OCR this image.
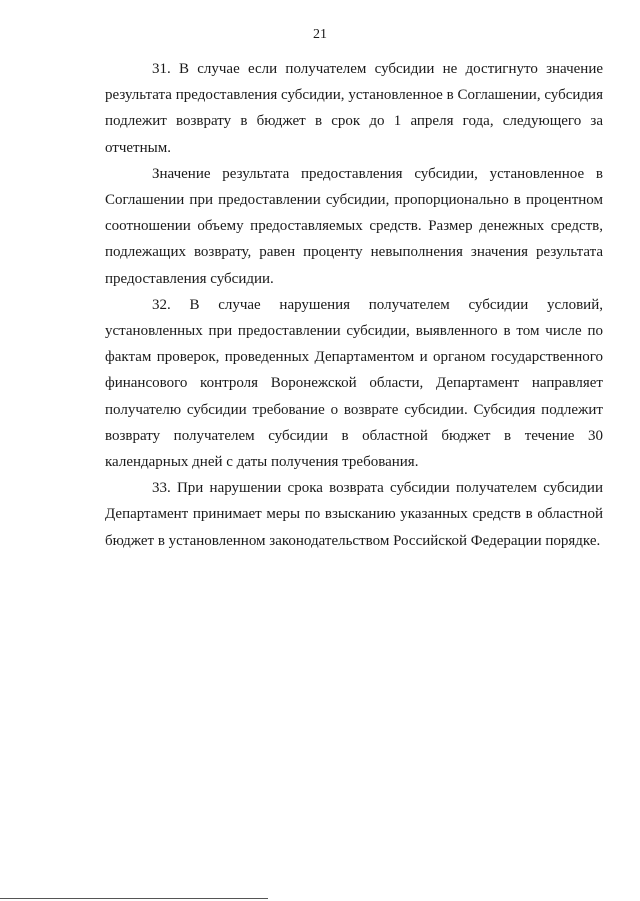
21

31. В случае если получателем субсидии не достигнуто значение результата предоставления субсидии, установленное в Соглашении, субсидия подлежит возврату в бюджет в срок до 1 апреля года, следующего за отчетным.

Значение результата предоставления субсидии, установленное в Соглашении при предоставлении субсидии, пропорционально в процентном соотношении объему предоставляемых средств. Размер денежных средств, подлежащих возврату, равен проценту невыполнения значения результата предоставления субсидии.

32. В случае нарушения получателем субсидии условий, установленных при предоставлении субсидии, выявленного в том числе по фактам проверок, проведенных Департаментом и органом государственного финансового контроля Воронежской области, Департамент направляет получателю субсидии требование о возврате субсидии. Субсидия подлежит возврату получателем субсидии в областной бюджет в течение 30 календарных дней с даты получения требования.

33. При нарушении срока возврата субсидии получателем субсидии Департамент принимает меры по взысканию указанных средств в областной бюджет в установленном законодательством Российской Федерации порядке.
